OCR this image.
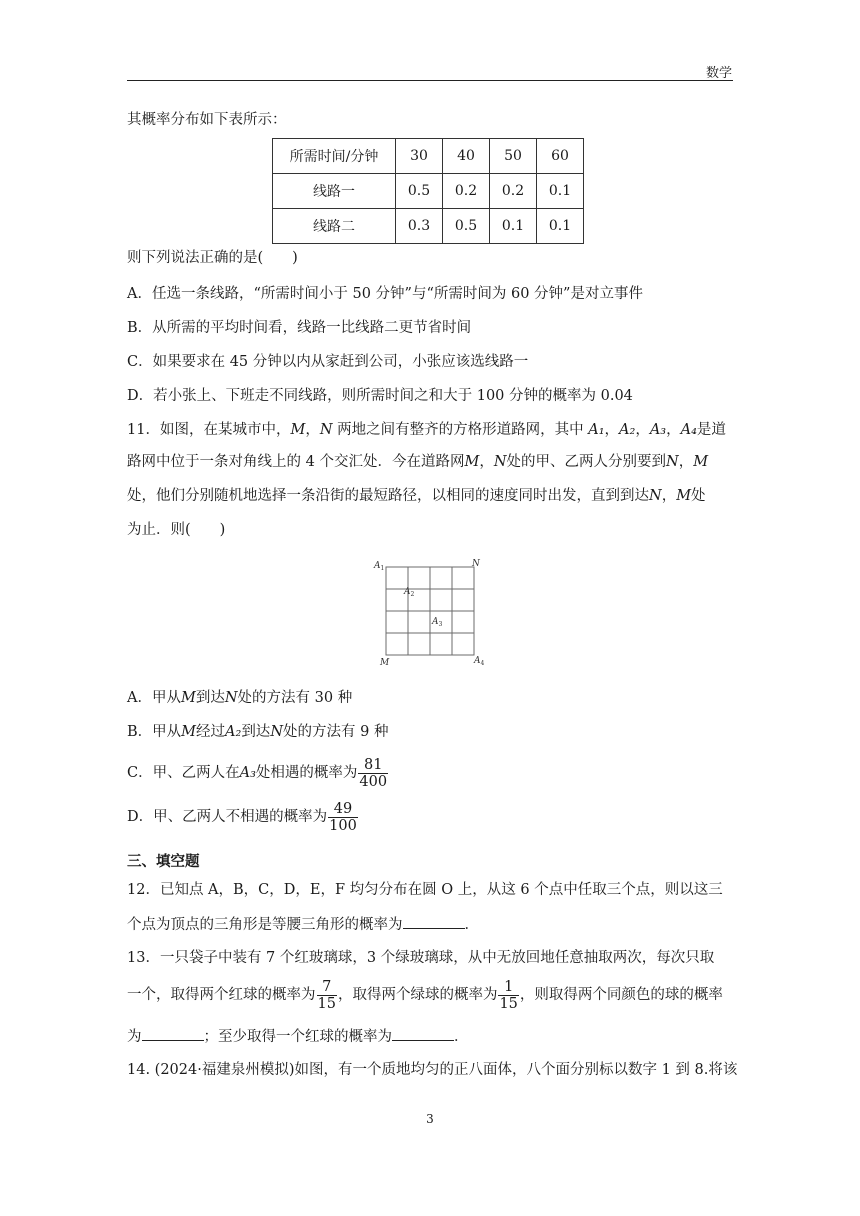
数学
其概率分布如下表所示：
所需时间/分钟	30	40	50	60
线路一	0.5	0.2	0.2	0.1
线路二	0.3	0.5	0.1	0.1
则下列说法正确的是(　　)
A．任选一条线路，“所需时间小于 50 分钟”与“所需时间为 60 分钟”是对立事件
B．从所需的平均时间看，线路一比线路二更节省时间
C．如果要求在 45 分钟以内从家赶到公司，小张应该选线路一
D．若小张上、下班走不同线路，则所需时间之和大于 100 分钟的概率为 0.04
11．如图，在某城市中，M，N 两地之间有整齐的方格形道路网，其中 A₁，A₂，A₃，A₄是道
路网中位于一条对角线上的 4 个交汇处．今在道路网M，N处的甲、乙两人分别要到N，M
处，他们分别随机地选择一条沿街的最短路径，以相同的速度同时出发，直到到达N，M处
为止．则(　　)
$A_1$
$A_2$
$A_3$
$A_4$
N
M
A．甲从M到达N处的方法有 30 种
B．甲从M经过A₂到达N处的方法有 9 种
C．甲、乙两人在A₃处相遇的概率为 $\frac{81}{400}$
D．甲、乙两人不相遇的概率为 $\frac{49}{100}$
三、填空题
12．已知点 A，B，C，D，E，F 均匀分布在圆 O 上，从这 6 个点中任取三个点，则以这三
个点为顶点的三角形是等腰三角形的概率为	．
13．一只袋子中装有 7 个红玻璃球，3 个绿玻璃球，从中无放回地任意抽取两次，每次只取
一个，取得两个红球的概率为 $\frac{7}{15}$ ，取得两个绿球的概率为 $\frac{1}{15}$ ，则取得两个同颜色的球的概率
为	；至少取得一个红球的概率为	．
14. (2024·福建泉州模拟)如图，有一个质地均匀的正八面体，八个面分别标以数字 1 到 8.将该
3
